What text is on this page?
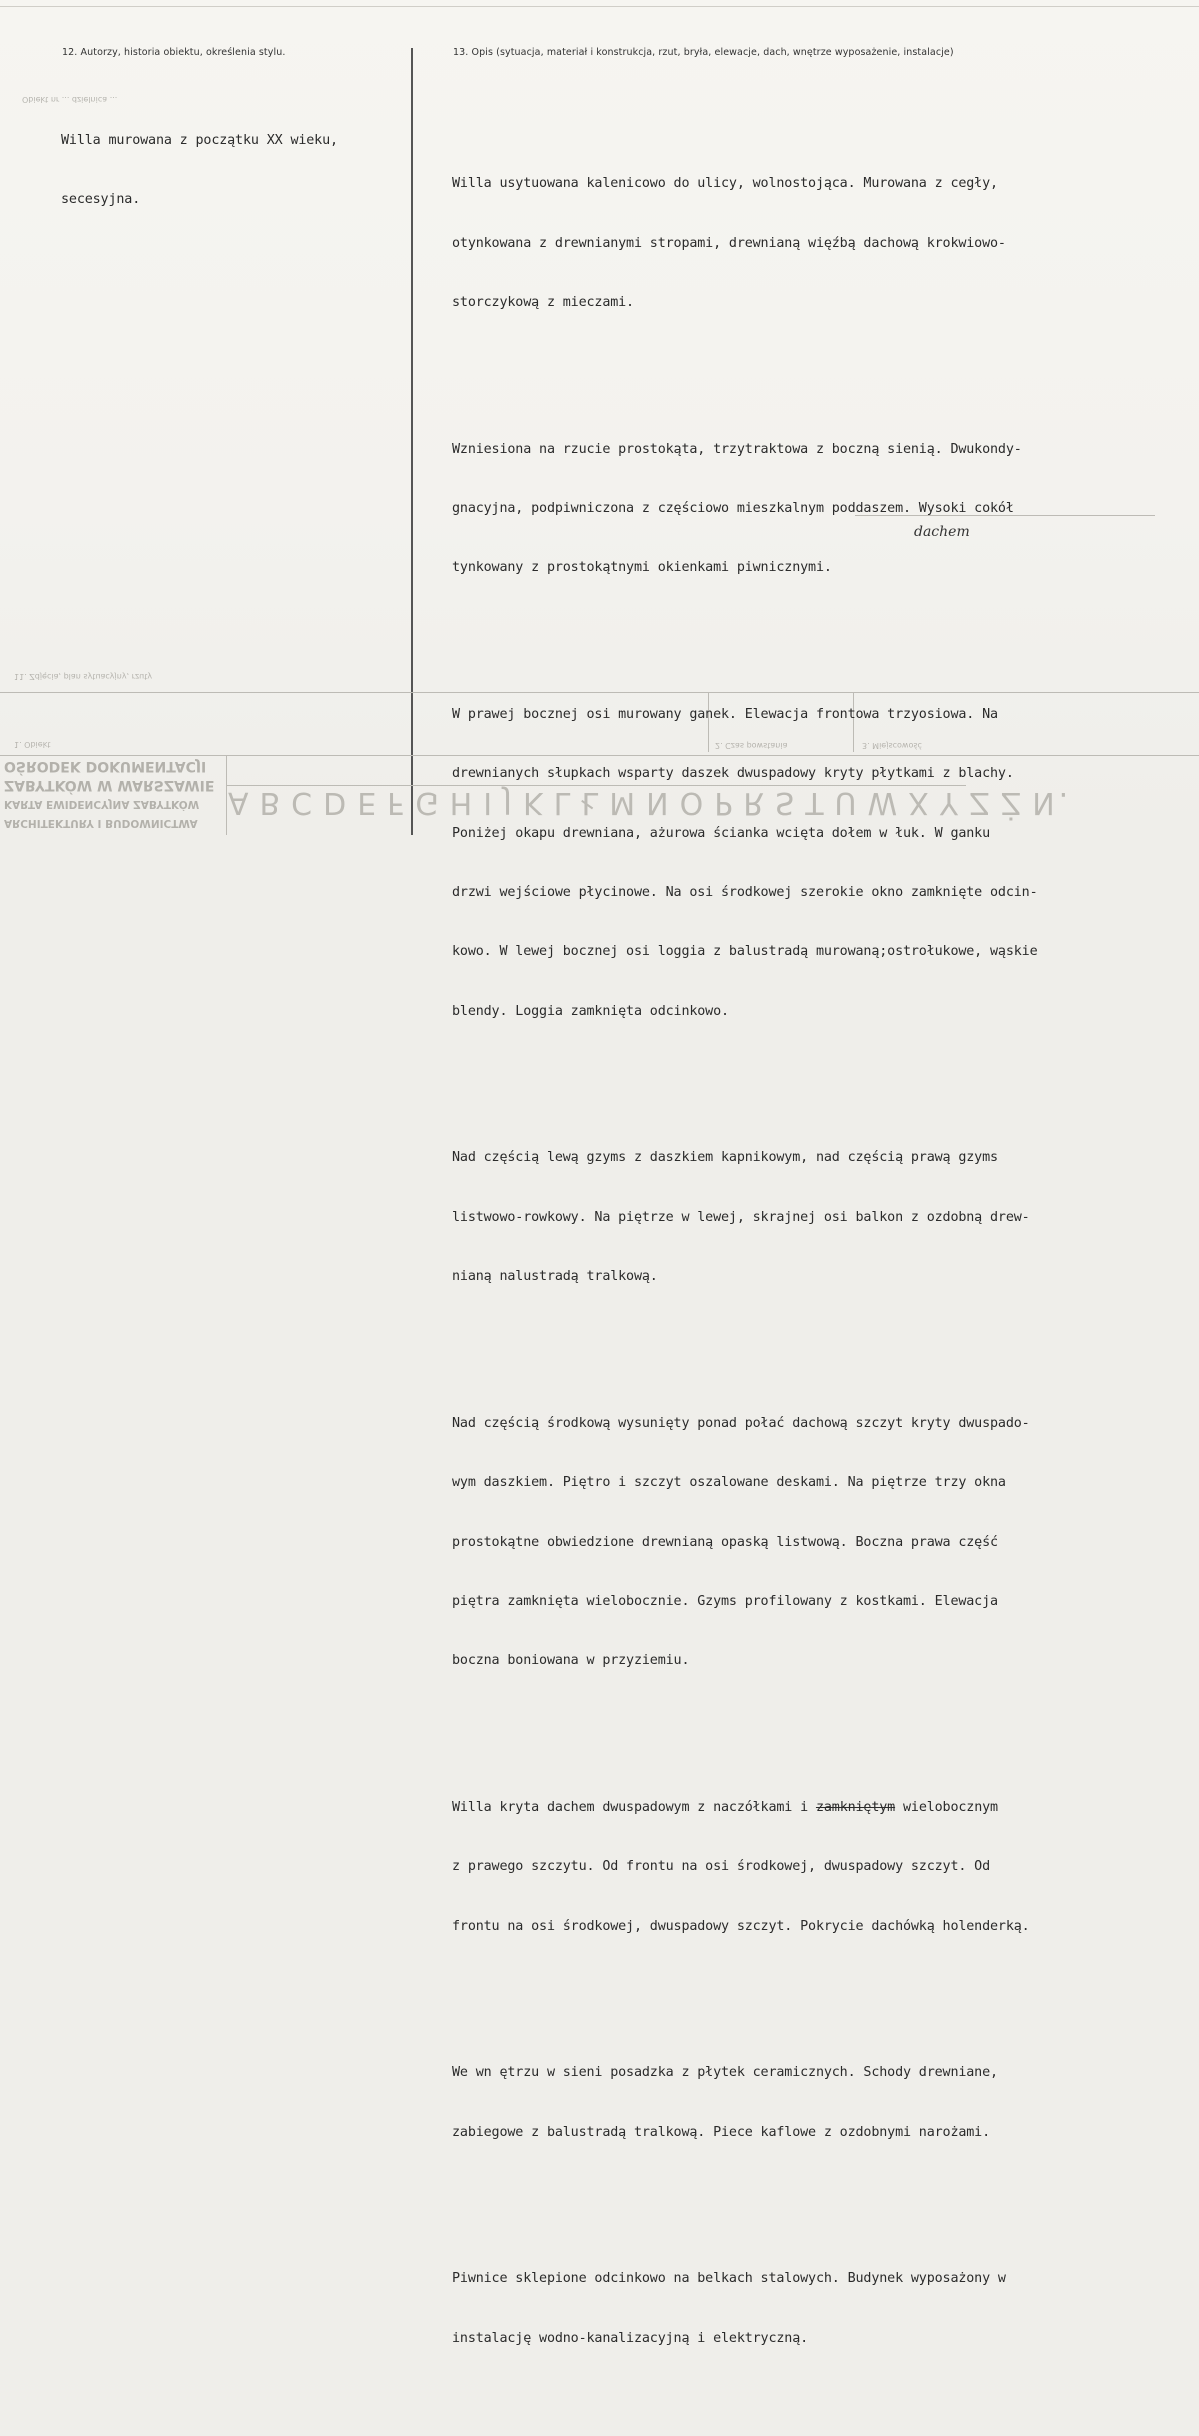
12. Autorzy, historia obiektu, określenia stylu.	13. Opis (sytuacja, materiał i konstrukcja, rzut, bryła, elewacje, dach, wnętrze wyposażenie, instalacje)
Obiekt nr ... dzielnica ...
11. Zdjęcia, plan sytuacyjny, rzuty
1. Obiekt	2. Czas powstania	3. Miejscowość

Willa murowana z początku XX wieku,

secesyjna.

Willa usytuowana kalenicowo do ulicy, wolnostojąca. Murowana z cegły,

otynkowana z drewnianymi stropami, drewnianą więźbą dachową krokwiowo-

storczykową z mieczami.

Wzniesiona na rzucie prostokąta, trzytraktowa z boczną sienią. Dwukondy-

gnacyjna, podpiwniczona z częściowo mieszkalnym poddaszem. Wysoki cokół

tynkowany z prostokątnymi okienkami piwnicznymi.

W prawej bocznej osi murowany ganek. Elewacja frontowa trzyosiowa. Na

drewnianych słupkach wsparty daszek dwuspadowy kryty płytkami z blachy.

Poniżej okapu drewniana, ażurowa ścianka wcięta dołem w łuk. W ganku

drzwi wejściowe płycinowe. Na osi środkowej szerokie okno zamknięte odcin-

kowo. W lewej bocznej osi loggia z balustradą murowaną;ostrołukowe, wąskie

blendy. Loggia zamknięta odcinkowo.

Nad częścią lewą gzyms z daszkiem kapnikowym, nad częścią prawą gzyms

listwowo-rowkowy. Na piętrze w lewej, skrajnej osi balkon z ozdobną drew-

nianą nalustradą tralkową.

Nad częścią środkową wysunięty ponad połać dachową szczyt kryty dwuspado-

wym daszkiem. Piętro i szczyt oszalowane deskami. Na piętrze trzy okna

prostokątne obwiedzione drewnianą opaską listwową. Boczna prawa część

piętra zamknięta wielobocznie. Gzyms profilowany z kostkami. Elewacja

boczna boniowana w przyziemiu.

Willa kryta dachem dwuspadowym z naczółkami i zamkniętym wielobocznym

z prawego szczytu. Od frontu na osi środkowej, dwuspadowy szczyt. Od

frontu na osi środkowej, dwuspadowy szczyt. Pokrycie dachówką holenderką.

We wn ętrzu w sieni posadzka z płytek ceramicznych. Schody drewniane,

zabiegowe z balustradą tralkową. Piece kaflowe z ozdobnymi narożami.

Piwnice sklepione odcinkowo na belkach stalowych. Budynek wyposażony w

instalację wodno-kanalizacyjną i elektryczną.

dachem
ARCHITEKTURY I BUDOWNICTWA
KARTA EWIDENCYJNA ZABYTKÓW
ZABYTKÓW W WARSZAWIE
OŚRODEK DOKUMENTACJI
A B C D E F G H I J K L Ł M N O P R S T U W X Y Z Ż N.
